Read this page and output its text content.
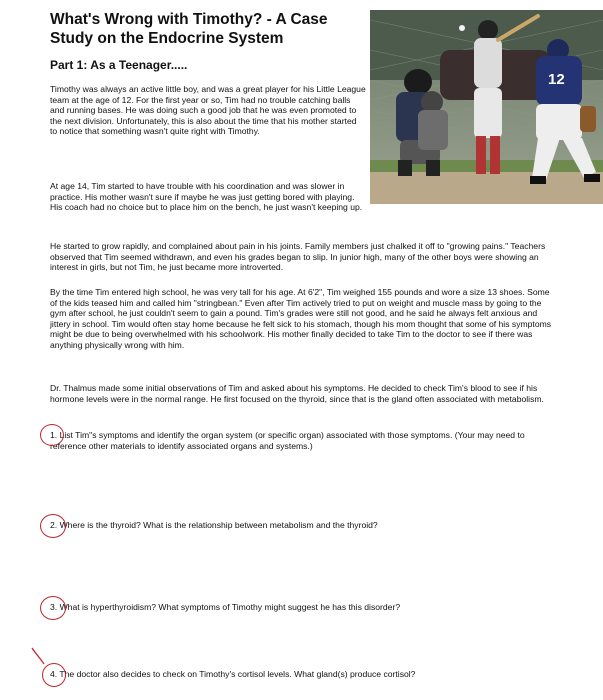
What's Wrong with Timothy? - A Case Study on the Endocrine System
Part 1: As a Teenager.....
12

Timothy was always an active little boy, and was a great player for his Little League team at the age of 12. For the first year or so, Tim had no trouble catching balls and running bases. He was doing such a good job that he was even promoted to the next division. Unfortunately, this is also about the time that his mother started to notice that something wasn't quite right with Timothy.

At age 14, Tim started to have trouble with his coordination and was slower in practice. His mother wasn't sure if maybe he was just getting bored with playing. His coach had no choice but to place him on the bench, he just wasn't keeping up.

He started to grow rapidly, and complained about pain in his joints. Family members just chalked it off to "growing pains." Teachers observed that Tim seemed withdrawn, and even his grades began to slip. In junior high, many of the other boys were showing an interest in girls, but not Tim, he just became more introverted.

By the time Tim entered high school, he was very tall for his age. At 6'2", Tim weighed 155 pounds and wore a size 13 shoes. Some of the kids teased him and called him "stringbean." Even after Tim actively tried to put on weight and muscle mass by going to the gym after school, he just couldn't seem to gain a pound. Tim's grades were still not good, and he said he always felt anxious and jittery in school. Tim would often stay home because he felt sick to his stomach, though his mom thought that some of his symptoms might be due to being overwhelmed with his schoolwork. His mother finally decided to take Tim to the doctor to see if there was anything physically wrong with him.

Dr. Thalmus made some initial observations of Tim and asked about his symptoms. He decided to check Tim's blood to see if his hormone levels were in the normal range. He first focused on the thyroid, since that is the gland often associated with metabolism.

1. List Tim"s symptoms and identify the organ system (or specific organ) associated with those symptoms. (Your may need to reference other materials to identify associated organs and systems.)
2. Where is the thyroid? What is the relationship between metabolism and the thyroid?
3. What is hyperthyroidism? What symptoms of Timothy might suggest he has this disorder?
4. The doctor also decides to check on Timothy's cortisol levels. What gland(s) produce cortisol?
